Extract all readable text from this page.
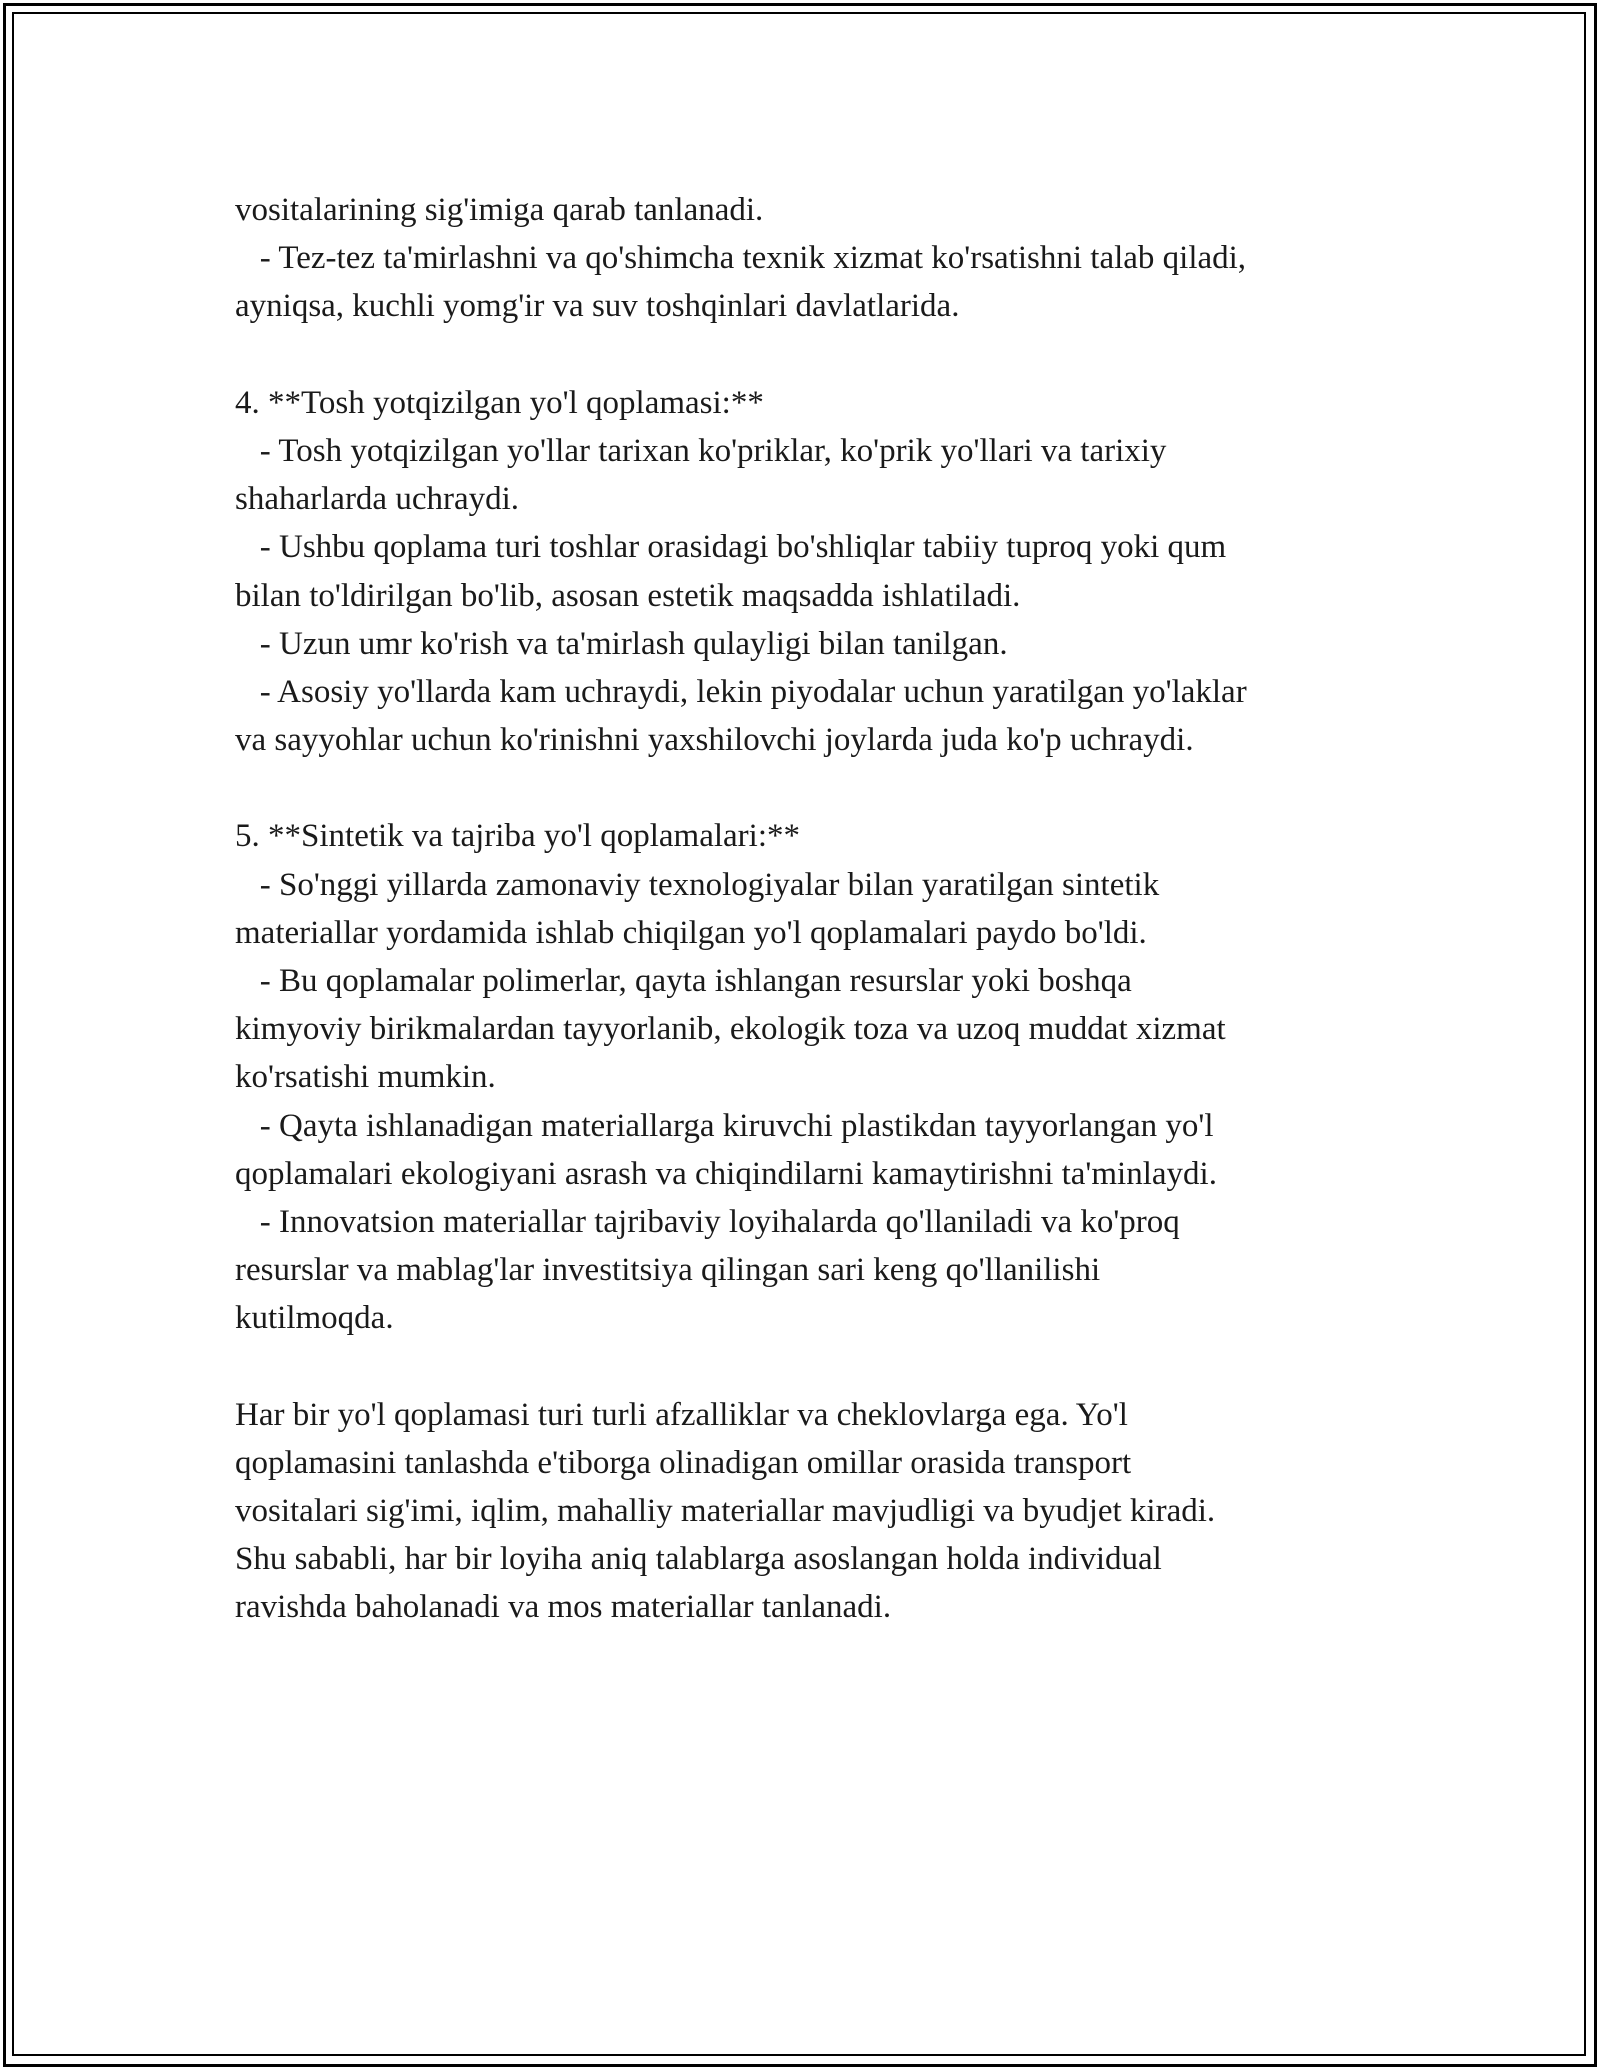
vositalarining sig'imiga qarab tanlanadi.
- Tez-tez ta'mirlashni va qo'shimcha texnik xizmat ko'rsatishni talab qiladi,
ayniqsa, kuchli yomg'ir va suv toshqinlari davlatlarida.
4. **Tosh yotqizilgan yo'l qoplamasi:**
- Tosh yotqizilgan yo'llar tarixan ko'priklar, ko'prik yo'llari va tarixiy
shaharlarda uchraydi.
- Ushbu qoplama turi toshlar orasidagi bo'shliqlar tabiiy tuproq yoki qum
bilan to'ldirilgan bo'lib, asosan estetik maqsadda ishlatiladi.
- Uzun umr ko'rish va ta'mirlash qulayligi bilan tanilgan.
- Asosiy yo'llarda kam uchraydi, lekin piyodalar uchun yaratilgan yo'laklar
va sayyohlar uchun ko'rinishni yaxshilovchi joylarda juda ko'p uchraydi.
5. **Sintetik va tajriba yo'l qoplamalari:**
- So'nggi yillarda zamonaviy texnologiyalar bilan yaratilgan sintetik
materiallar yordamida ishlab chiqilgan yo'l qoplamalari paydo bo'ldi.
- Bu qoplamalar polimerlar, qayta ishlangan resurslar yoki boshqa
kimyoviy birikmalardan tayyorlanib, ekologik toza va uzoq muddat xizmat
ko'rsatishi mumkin.
- Qayta ishlanadigan materiallarga kiruvchi plastikdan tayyorlangan yo'l
qoplamalari ekologiyani asrash va chiqindilarni kamaytirishni ta'minlaydi.
- Innovatsion materiallar tajribaviy loyihalarda qo'llaniladi va ko'proq
resurslar va mablag'lar investitsiya qilingan sari keng qo'llanilishi
kutilmoqda.
Har bir yo'l qoplamasi turi turli afzalliklar va cheklovlarga ega. Yo'l
qoplamasini tanlashda e'tiborga olinadigan omillar orasida transport
vositalari sig'imi, iqlim, mahalliy materiallar mavjudligi va byudjet kiradi.
Shu sababli, har bir loyiha aniq talablarga asoslangan holda individual
ravishda baholanadi va mos materiallar tanlanadi.
